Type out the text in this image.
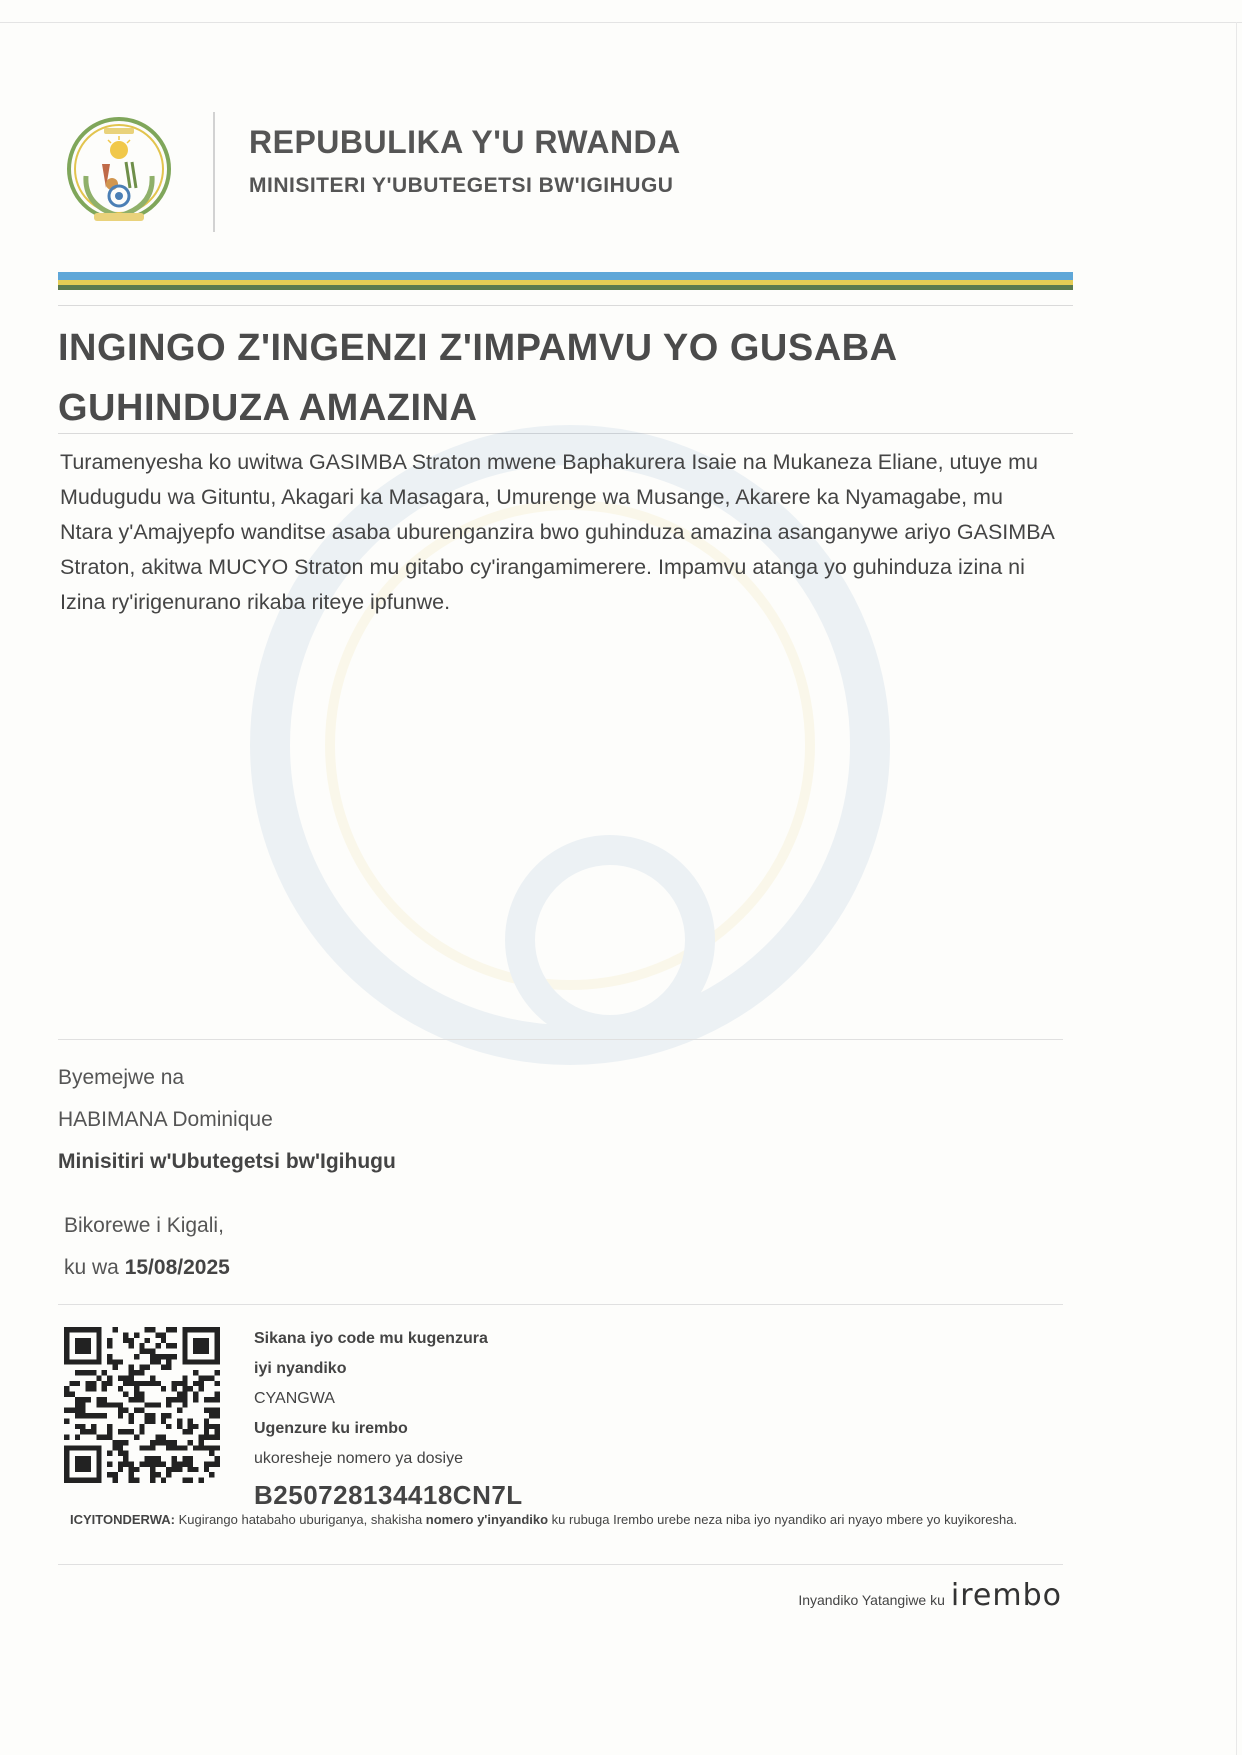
REPUBULIKA Y'U RWANDA
MINISITERI Y'UBUTEGETSI BW'IGIHUGU
INGINGO Z'INGENZI Z'IMPAMVU YO GUSABA GUHINDUZA AMAZINA
Turamenyesha ko uwitwa GASIMBA Straton mwene Baphakurera Isaie na Mukaneza Eliane, utuye mu Mudugudu wa Gituntu, Akagari ka Masagara, Umurenge wa Musange, Akarere ka Nyamagabe, mu Ntara y'Amajyepfo wanditse asaba uburenganzira bwo guhinduza amazina asanganywe ariyo GASIMBA Straton, akitwa MUCYO Straton mu gitabo cy'irangamimerere. Impamvu atanga yo guhinduza izina ni Izina ry'irigenurano rikaba riteye ipfunwe.
Byemejwe na
HABIMANA Dominique
Minisitiri w'Ubutegetsi bw'Igihugu
Bikorewe i Kigali,
ku wa 15/08/2025
Sikana iyo code mu kugenzura
iyi nyandiko
CYANGWA
Ugenzure ku irembo
ukoresheje nomero ya dosiye
B250728134418CN7L
ICYITONDERWA: Kugirango hatabaho uburiganya, shakisha nomero y'inyandiko ku rubuga Irembo urebe neza niba iyo nyandiko ari nyayo mbere yo kuyikoresha.
Inyandiko Yatangiwe ku irembo
